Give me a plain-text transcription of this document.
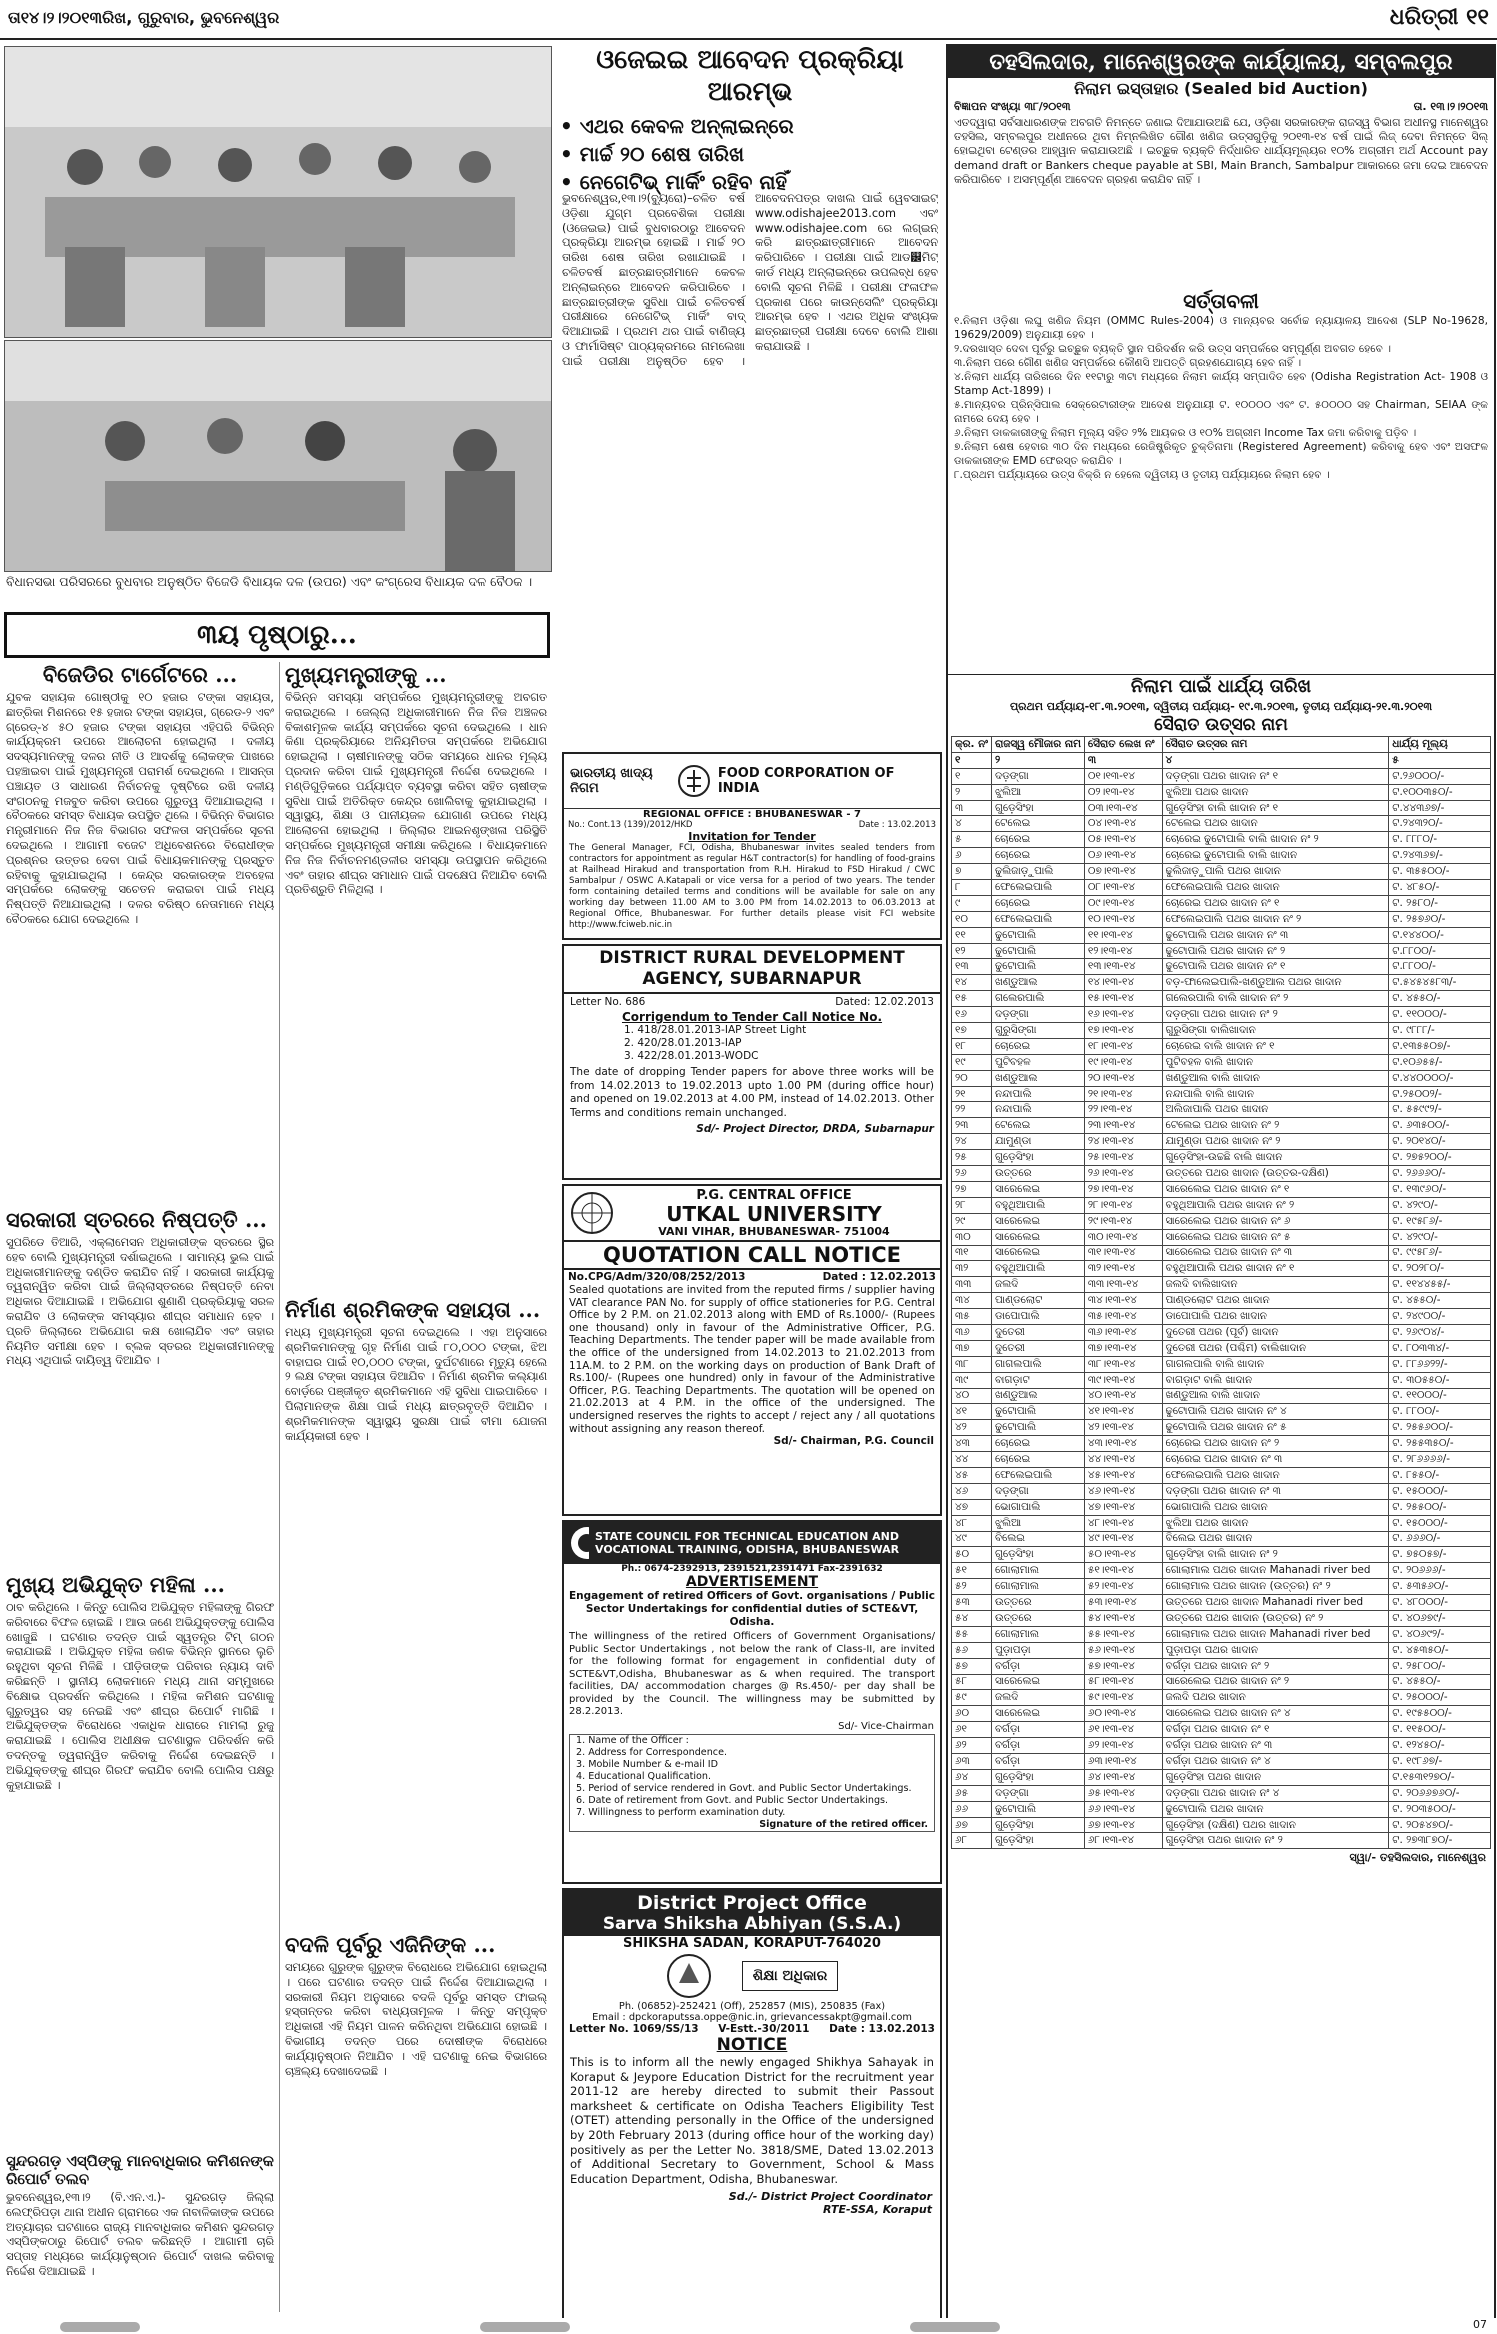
ତା୧୪।୨।୨୦୧୩ରିଖ, ଗୁରୁବାର, ଭୁବନେଶ୍ୱର	ଧରିତ୍ରୀ ୧୧
ବିଧାନସଭା ପରିସରରେ ବୁଧବାର ଅନୁଷ୍ଠିତ ବିଜେଡି ବିଧାୟକ ଦଳ (ଉପର) ଏବଂ କଂଗ୍ରେସ ବିଧାୟକ ଦଳ ବୈଠକ ।
୩ୟ ପୃଷ୍ଠାରୁ...
ବିଜେଡିର ଟାର୍ଗେଟରେ ...
ଯୁବକ ସହାୟକ ଗୋଷ୍ଠୀକୁ ୧୦ ହଜାର ଟଙ୍କା ସହାୟତା, ଛାତ୍ରିକା ମିଶନରେ ୧୫ ହଜାର ଟଙ୍କା ସହାୟତା, ଗ୍ରେଡ-୨ ଏବଂ ଗ୍ରେଡ୍-୪ ୫୦ ହଜାର ଟଙ୍କା ସହାୟତା ଏହିପରି ବିଭିନ୍ନ କାର୍ଯ୍ୟକ୍ରମ ଉପରେ ଆଲୋଚନା ହୋଇଥିଲା । ଦଳୀୟ ସଦସ୍ୟମାନଙ୍କୁ ଦଳର ନୀତି ଓ ଆଦର୍ଶକୁ ଲୋକଙ୍କ ପାଖରେ ପହଞ୍ଚାଇବା ପାଇଁ ମୁଖ୍ୟମନ୍ତ୍ରୀ ପରାମର୍ଶ ଦେଇଥିଲେ । ଆସନ୍ତା ପଞ୍ଚାୟତ ଓ ସାଧାରଣ ନିର୍ବାଚନକୁ ଦୃଷ୍ଟିରେ ରଖି ଦଳୀୟ ସଂଗଠନକୁ ମଜବୁତ କରିବା ଉପରେ ଗୁରୁତ୍ୱ ଦିଆଯାଇଥିଲା । ବୈଠକରେ ସମସ୍ତ ବିଧାୟକ ଉପସ୍ଥିତ ଥିଲେ । ବିଭିନ୍ନ ବିଭାଗର ମନ୍ତ୍ରୀମାନେ ନିଜ ନିଜ ବିଭାଗର ସଫଳତା ସମ୍ପର୍କରେ ସୂଚନା ଦେଇଥିଲେ । ଆଗାମୀ ବଜେଟ ଅଧିବେଶନରେ ବିରୋଧୀଙ୍କ ପ୍ରଶ୍ନର ଉତ୍ତର ଦେବା ପାଇଁ ବିଧାୟକମାନଙ୍କୁ ପ୍ରସ୍ତୁତ ରହିବାକୁ କୁହାଯାଇଥିଲା । କେନ୍ଦ୍ର ସରକାରଙ୍କ ଅବହେଳା ସମ୍ପର୍କରେ ଲୋକଙ୍କୁ ସଚେତନ କରାଇବା ପାଇଁ ମଧ୍ୟ ନିଷ୍ପତ୍ତି ନିଆଯାଇଥିଲା । ଦଳର ବରିଷ୍ଠ ନେତାମାନେ ମଧ୍ୟ ବୈଠକରେ ଯୋଗ ଦେଇଥିଲେ ।
ସରକାରୀ ସ୍ତରରେ ନିଷ୍ପତ୍ତି ...
ସୁପରିଡେ ତିଆରି, ଏକ୍‌ଲାମେସନ ଅଧିକାରୀଙ୍କ ସ୍ତରରେ ସ୍ଥିର ହେବ ବୋଲି ମୁଖ୍ୟମନ୍ତ୍ରୀ ଦର୍ଶାଇଥିଲେ । ସାମାନ୍ୟ ଭୁଲ ପାଇଁ ଅଧିକାରୀମାନଙ୍କୁ ଦଣ୍ଡିତ କରାଯିବ ନାହିଁ । ସରକାରୀ କାର୍ଯ୍ୟକୁ ତ୍ୱରାନ୍ୱିତ କରିବା ପାଇଁ ଜିଲ୍ଲାସ୍ତରରେ ନିଷ୍ପତ୍ତି ନେବା ଅଧିକାର ଦିଆଯାଇଛି । ଅଭିଯୋଗ ଶୁଣାଣି ପ୍ରକ୍ରିୟାକୁ ସରଳ କରାଯିବ ଓ ଲୋକଙ୍କ ସମସ୍ୟାର ଶୀଘ୍ର ସମାଧାନ ହେବ । ପ୍ରତି ଜିଲ୍ଲାରେ ଅଭିଯୋଗ କକ୍ଷ ଖୋଲାଯିବ ଏବଂ ତାହାର ନିୟମିତ ସମୀକ୍ଷା ହେବ । ବ୍ଲକ ସ୍ତରର ଅଧିକାରୀମାନଙ୍କୁ ମଧ୍ୟ ଏଥିପାଇଁ ଦାୟିତ୍ୱ ଦିଆଯିବ ।
ମୁଖ୍ୟ ଅଭିଯୁକ୍ତ ମହିଳା ...
ଠାବ କରିଥିଲେ । କିନ୍ତୁ ପୋଲିସ ଅଭିଯୁକ୍ତ ମହିଳାଙ୍କୁ ଗିରଫ କରିବାରେ ବିଫଳ ହୋଇଛି । ଆଉ ଜଣେ ଅଭିଯୁକ୍ତଙ୍କୁ ପୋଲିସ ଖୋଜୁଛି । ଘଟଣାର ତଦନ୍ତ ପାଇଁ ସ୍ୱତନ୍ତ୍ର ଟିମ୍ ଗଠନ କରାଯାଇଛି । ଅଭିଯୁକ୍ତ ମହିଳା ଜଣକ ବିଭିନ୍ନ ସ୍ଥାନରେ ଲୁଚି ରହୁଥିବା ସୂଚନା ମିଳିଛି । ପୀଡ଼ିତାଙ୍କ ପରିବାର ନ୍ୟାୟ ଦାବି କରିଛନ୍ତି । ସ୍ଥାନୀୟ ଲୋକମାନେ ମଧ୍ୟ ଥାନା ସମ୍ମୁଖରେ ବିକ୍ଷୋଭ ପ୍ରଦର୍ଶନ କରିଥିଲେ । ମହିଳା କମିଶନ ଘଟଣାକୁ ଗୁରୁତ୍ୱର ସହ ନେଇଛି ଏବଂ ଶୀଘ୍ର ରିପୋର୍ଟ ମାଗିଛି । ଅଭିଯୁକ୍ତଙ୍କ ବିରୋଧରେ ଏକାଧିକ ଧାରାରେ ମାମଲା ରୁଜୁ କରାଯାଇଛି । ପୋଲିସ ଅଧୀକ୍ଷକ ଘଟଣାସ୍ଥଳ ପରିଦର୍ଶନ କରି ତଦନ୍ତକୁ ତ୍ୱରାନ୍ୱିତ କରିବାକୁ ନିର୍ଦ୍ଦେଶ ଦେଇଛନ୍ତି । ଅଭିଯୁକ୍ତଙ୍କୁ ଶୀଘ୍ର ଗିରଫ କରାଯିବ ବୋଲି ପୋଲିସ ପକ୍ଷରୁ କୁହାଯାଇଛି ।
ସୁନ୍ଦରଗଡ଼ ଏସ୍‌ପିଙ୍କୁ ମାନବାଧିକାର କମିଶନଙ୍କ ରିପୋର୍ଟ ତଲବ
ଭୁବନେଶ୍ୱର,୧୩।୨ (ବି.ଏନ.ଏ.)- ସୁନ୍ଦରଗଡ଼ ଜିଲ୍ଲା ଲେଫ୍ରିପଡ଼ା ଥାନା ଅଧୀନ ଗ୍ରାମରେ ଏକ ନାବାଳିକାଙ୍କ ଉପରେ ଅତ୍ୟାଚାର ଘଟଣାରେ ରାଜ୍ୟ ମାନବାଧିକାର କମିଶନ ସୁନ୍ଦରଗଡ଼ ଏସ୍‌ପିଙ୍କଠାରୁ ରିପୋର୍ଟ ତଲବ କରିଛନ୍ତି । ଆଗାମୀ ଚାରି ସପ୍ତାହ ମଧ୍ୟରେ କାର୍ଯ୍ୟାନୁଷ୍ଠାନ ରିପୋର୍ଟ ଦାଖଲ କରିବାକୁ ନିର୍ଦ୍ଦେଶ ଦିଆଯାଇଛି ।
ମୁଖ୍ୟମନ୍ତ୍ରୀଙ୍କୁ ...
ବିଭିନ୍ନ ସମସ୍ୟା ସମ୍ପର୍କରେ ମୁଖ୍ୟମନ୍ତ୍ରୀଙ୍କୁ ଅବଗତ କରାଇଥିଲେ । ଜେଲ୍ଲା ଅଧିକାରୀମାନେ ନିଜ ନିଜ ଅଞ୍ଚଳର ବିକାଶମୂଳକ କାର୍ଯ୍ୟ ସମ୍ପର୍କରେ ସୂଚନା ଦେଇଥିଲେ । ଧାନ କିଣା ପ୍ରକ୍ରିୟାରେ ଅନିୟମିତତା ସମ୍ପର୍କରେ ଅଭିଯୋଗ ହୋଇଥିଲା । ଚାଷୀମାନଙ୍କୁ ସଠିକ ସମୟରେ ଧାନର ମୂଲ୍ୟ ପ୍ରଦାନ କରିବା ପାଇଁ ମୁଖ୍ୟମନ୍ତ୍ରୀ ନିର୍ଦ୍ଦେଶ ଦେଇଥିଲେ । ମଣ୍ଡିଗୁଡ଼ିକରେ ପର୍ଯ୍ୟାପ୍ତ ବ୍ୟବସ୍ଥା କରିବା ସହିତ ଚାଷୀଙ୍କ ସୁବିଧା ପାଇଁ ଅତିରିକ୍ତ କେନ୍ଦ୍ର ଖୋଲିବାକୁ କୁହାଯାଇଥିଲା । ସ୍ୱାସ୍ଥ୍ୟ, ଶିକ୍ଷା ଓ ପାନୀୟଜଳ ଯୋଗାଣ ଉପରେ ମଧ୍ୟ ଆଲୋଚନା ହୋଇଥିଲା । ଜିଲ୍ଲାର ଆଇନଶୃଙ୍ଖଳା ପରିସ୍ଥିତି ସମ୍ପର୍କରେ ମୁଖ୍ୟମନ୍ତ୍ରୀ ସମୀକ୍ଷା କରିଥିଲେ । ବିଧାୟକମାନେ ନିଜ ନିଜ ନିର୍ବାଚନମଣ୍ଡଳୀର ସମସ୍ୟା ଉପସ୍ଥାପନ କରିଥିଲେ ଏବଂ ତାହାର ଶୀଘ୍ର ସମାଧାନ ପାଇଁ ପଦକ୍ଷେପ ନିଆଯିବ ବୋଲି ପ୍ରତିଶ୍ରୁତି ମିଳିଥିଲା ।
ନିର୍ମାଣ ଶ୍ରମିକଙ୍କ ସହାୟତା ...
ମଧ୍ୟ ମୁଖ୍ୟମନ୍ତ୍ରୀ ସୂଚନା ଦେଇଥିଲେ । ଏହା ଅନୁସାରେ ଶ୍ରମିକମାନଙ୍କୁ ଗୃହ ନିର୍ମାଣ ପାଇଁ ୮୦,୦୦୦ ଟଙ୍କା, ଝିଅ ବାହାଘର ପାଇଁ ୧୦,୦୦୦ ଟଙ୍କା, ଦୁର୍ଘଟଣାରେ ମୃତ୍ୟୁ ହେଲେ ୨ ଲକ୍ଷ ଟଙ୍କା ସହାୟତା ଦିଆଯିବ । ନିର୍ମାଣ ଶ୍ରମିକ କଲ୍ୟାଣ ବୋର୍ଡ଼ରେ ପଞ୍ଜୀକୃତ ଶ୍ରମିକମାନେ ଏହି ସୁବିଧା ପାଇପାରିବେ । ପିଲାମାନଙ୍କ ଶିକ୍ଷା ପାଇଁ ମଧ୍ୟ ଛାତ୍ରବୃତ୍ତି ଦିଆଯିବ । ଶ୍ରମିକମାନଙ୍କ ସ୍ୱାସ୍ଥ୍ୟ ସୁରକ୍ଷା ପାଇଁ ବୀମା ଯୋଜନା କାର୍ଯ୍ୟକାରୀ ହେବ ।
ବଦଳି ପୂର୍ବରୁ ଏଜିନିଙ୍କ ...
ସମୟରେ ଗୁରୁଙ୍କ ଗୁରୁଙ୍କ ବିରୋଧରେ ଅଭିଯୋଗ ହୋଇଥିଲା । ପରେ ଘଟଣାର ତଦନ୍ତ ପାଇଁ ନିର୍ଦ୍ଦେଶ ଦିଆଯାଇଥିଲା । ସରକାରୀ ନିୟମ ଅନୁସାରେ ବଦଳି ପୂର୍ବରୁ ସମସ୍ତ ଫାଇଲ୍ ହସ୍ତାନ୍ତର କରିବା ବାଧ୍ୟତାମୂଳକ । କିନ୍ତୁ ସମ୍ପୃକ୍ତ ଅଧିକାରୀ ଏହି ନିୟମ ପାଳନ କରିନଥିବା ଅଭିଯୋଗ ହୋଇଛି । ବିଭାଗୀୟ ତଦନ୍ତ ପରେ ଦୋଷୀଙ୍କ ବିରୋଧରେ କାର୍ଯ୍ୟାନୁଷ୍ଠାନ ନିଆଯିବ । ଏହି ଘଟଣାକୁ ନେଇ ବିଭାଗରେ ଚାଞ୍ଚଲ୍ୟ ଦେଖାଦେଇଛି ।
ଓଜେଇଇ ଆବେଦନ ପ୍ରକ୍ରିୟା ଆରମ୍ଭ
• ଏଥର କେବଳ ଅନ୍‌ଲାଇନ୍‌ରେ
• ମାର୍ଚ୍ଚ ୨୦ ଶେଷ ତାରିଖ
• ନେଗେଟିଭ୍ ମାର୍କିଂ ରହିବ ନାହିଁ
ଭୁବନେଶ୍ୱର,୧୩।୨(ବ୍ୟୁରୋ)–ଚଳିତ ବର୍ଷ ଓଡ଼ିଶା ଯୁଗ୍ମ ପ୍ରବେଶିକା ପରୀକ୍ଷା (ଓଜେଇଇ) ପାଇଁ ବୁଧବାରଠାରୁ ଆବେଦନ ପ୍ରକ୍ରିୟା ଆରମ୍ଭ ହୋଇଛି । ମାର୍ଚ୍ଚ ୨୦ ତାରିଖ ଶେଷ ତାରିଖ ରଖାଯାଇଛି । ଚଳିତବର୍ଷ ଛାତ୍ରଛାତ୍ରୀମାନେ କେବଳ ଅନ୍‌ଲାଇନ୍‌ରେ ଆବେଦନ କରିପାରିବେ । ଛାତ୍ରଛାତ୍ରୀଙ୍କ ସୁବିଧା ପାଇଁ ଚଳିତବର୍ଷ ପରୀକ୍ଷାରେ ନେଗେଟିଭ୍ ମାର୍କିଂ ବାଦ୍ ଦିଆଯାଇଛି । ପ୍ରଥମ ଥର ପାଇଁ ବାଣିଜ୍ୟ ଓ ଫାର୍ମାସିଷ୍ଟ ପାଠ୍ୟକ୍ରମରେ ନାମଲେଖା ପାଇଁ ପରୀକ୍ଷା ଅନୁଷ୍ଠିତ ହେବ । ଆବେଦନପତ୍ର ଦାଖଲ ପାଇଁ ୱେବସାଇଟ୍ www.odishajee2013.com ଏବଂ www.odishajee.com ରେ ଲଗ୍ଇନ୍ କରି ଛାତ୍ରଛାତ୍ରୀମାନେ ଆବେଦନ କରିପାରିବେ । ପରୀକ୍ଷା ପାଇଁ ଆଡ୼ମିଟ୍ କାର୍ଡ ମଧ୍ୟ ଅନ୍‌ଲାଇନ୍‌ରେ ଉପଲବ୍ଧ ହେବ ବୋଲି ସୂଚନା ମିଳିଛି । ପରୀକ୍ଷା ଫଳାଫଳ ପ୍ରକାଶ ପରେ କାଉନ୍‌ସେଲିଂ ପ୍ରକ୍ରିୟା ଆରମ୍ଭ ହେବ । ଏଥର ଅଧିକ ସଂଖ୍ୟକ ଛାତ୍ରଛାତ୍ରୀ ପରୀକ୍ଷା ଦେବେ ବୋଲି ଆଶା କରାଯାଉଛି ।
ଭାରତୀୟ ଖାଦ୍ୟ ନିଗମ
FOOD CORPORATION OF INDIA
REGIONAL OFFICE : BHUBANESWAR - 7
No.: Cont.13 (139)/2012/HKD	Date : 13.02.2013
Invitation for Tender
The General Manager, FCI, Odisha, Bhubaneswar invites sealed tenders from contractors for appointment as regular H&T contractor(s) for handling of food-grains at Railhead Hirakud and transportation from R.H. Hirakud to FSD Hirakud / CWC Sambalpur / OSWC A.Katapali or vice versa for a period of two years. The tender form containing detailed terms and conditions will be available for sale on any working day between 11.00 AM to 3.00 PM from 14.02.2013 to 06.03.2013 at Regional Office, Bhubaneswar. For further details please visit FCI website http://www.fciweb.nic.in
DISTRICT RURAL DEVELOPMENT AGENCY, SUBARNAPUR
Letter No. 686	Dated: 12.02.2013
Corrigendum to Tender Call Notice No.
1. 418/28.01.2013-IAP Street Light
2. 420/28.01.2013-IAP
3. 422/28.01.2013-WODC
The date of dropping Tender papers for above three works will be from 14.02.2013 to 19.02.2013 upto 1.00 PM (during office hour) and opened on 19.02.2013 at 4.00 PM, instead of 14.02.2013. Other Terms and conditions remain unchanged.
Sd/- Project Director, DRDA, Subarnapur
P.G. CENTRAL OFFICE
UTKAL UNIVERSITY
VANI VIHAR, BHUBANESWAR- 751004
QUOTATION CALL NOTICE
No.CPG/Adm/320/08/252/2013	Dated : 12.02.2013
Sealed quotations are invited from the reputed firms / supplier having VAT clearance PAN No. for supply of office stationeries for P.G. Central Office by 2 P.M. on 21.02.2013 along with EMD of Rs.1000/- (Rupees one thousand) only in favour of the Administrative Officer, P.G. Teaching Departments. The tender paper will be made available from the office of the undersigned from 14.02.2013 to 21.02.2013 from 11A.M. to 2 P.M. on the working days on production of Bank Draft of Rs.100/- (Rupees one hundred) only in favour of the Administrative Officer, P.G. Teaching Departments. The quotation will be opened on 21.02.2013 at 4 P.M. in the office of the undersigned. The undersigned reserves the rights to accept / reject any / all quotations without assigning any reason thereof.
Sd/- Chairman, P.G. Council
STATE COUNCIL FOR TECHNICAL EDUCATION AND VOCATIONAL TRAINING, ODISHA, BHUBANESWAR
Ph.: 0674-2392913, 2391521,2391471 Fax-2391632
ADVERTISEMENT
Engagement of retired Officers of Govt. organisations / Public Sector Undertakings for confidential duties of SCTE&VT, Odisha.
The willingness of the retired Officers of Government Organisations/ Public Sector Undertakings , not below the rank of Class-II, are invited for the following format for engagement in confidential duty of SCTE&VT,Odisha, Bhubaneswar as & when required. The transport facilities, DA/ accommodation charges @ Rs.450/- per day shall be provided by the Council. The willingness may be submitted by 28.2.2013.
Sd/- Vice-Chairman
1. Name of the Officer :
2. Address for Correspondence.
3. Mobile Number & e-mail ID
4. Educational Qualification.
5. Period of service rendered in Govt. and Public Sector Undertakings.
6. Date of retirement from Govt. and Public Sector Undertakings.
7. Willingness to perform examination duty.
Signature of the retired officer.
District Project Office
Sarva Shiksha Abhiyan (S.S.A.)
SHIKSHA SADAN, KORAPUT-764020
ଶିକ୍ଷା ଅଧିକାର
Ph. (06852)-252421 (Off), 252857 (MIS), 250835 (Fax)
Email : dpckoraputssa.oppe@nic.in, grievancessakpt@gmail.com
Letter No. 1069/SS/13 V-Estt.-30/2011 Date : 13.02.2013
NOTICE
This is to inform all the newly engaged Shikhya Sahayak in Koraput & Jeypore Education District for the recruitment year 2011-12 are hereby directed to submit their Passout marksheet & certificate on Odisha Teachers Eligibility Test (OTET) attending personally in the Office of the undersigned by 20th February 2013 (during office hour of the working day) positively as per the Letter No. 3818/SME, Dated 13.02.2013 of Additional Secretary to Government, School & Mass Education Department, Odisha, Bhubaneswar.
Sd./- District Project Coordinator
RTE-SSA, Koraput
ତହସିଲଦାର, ମାନେଶ୍ୱରଙ୍କ କାର୍ଯ୍ୟାଳୟ, ସମ୍ବଲପୁର
ନିଲାମ ଇସ୍ତାହାର (Sealed bid Auction)
ବିଜ୍ଞାପନ ସଂଖ୍ୟା ୩୮/୨୦୧୩	ତା. ୧୩।୨।୨୦୧୩
ଏତଦ୍ୱାରା ସର୍ବସାଧାରଣଙ୍କ ଅବଗତି ନିମନ୍ତେ ଜଣାଇ ଦିଆଯାଉଅଛି ଯେ, ଓଡ଼ିଶା ସରକାରଙ୍କ ରାଜସ୍ୱ ବିଭାଗ ଅଧୀନସ୍ଥ ମାନେଶ୍ୱର ତହସିଲ, ସମ୍ବଲପୁର ଅଧୀନରେ ଥିବା ନିମ୍ନଲିଖିତ ଗୌଣ ଖଣିଜ ଉତ୍ସଗୁଡ଼ିକୁ ୨୦୧୩-୧୪ ବର୍ଷ ପାଇଁ ଲିଜ୍ ଦେବା ନିମନ୍ତେ ସିଲ୍ ହୋଇଥିବା ଟେଣ୍ଡର ଆହ୍ୱାନ କରାଯାଉଅଛି । ଇଚ୍ଛୁକ ବ୍ୟକ୍ତି ନିର୍ଦ୍ଧାରିତ ଧାର୍ଯ୍ୟମୂଲ୍ୟର ୧୦% ଅଗ୍ରୀମ ଅର୍ଥ Account pay demand draft or Bankers cheque payable at SBI, Main Branch, Sambalpur ଆକାରରେ ଜମା ଦେଇ ଆବେଦନ କରିପାରିବେ । ଅସମ୍ପୂର୍ଣ୍ଣ ଆବେଦନ ଗ୍ରହଣ କରାଯିବ ନାହିଁ ।
ସର୍ତ୍ତାବଳୀ
୧.ନିଲାମ ଓଡ଼ିଶା ଲଘୁ ଖଣିଜ ନିୟମ (OMMC Rules-2004) ଓ ମାନ୍ୟବର ସର୍ବୋଚ୍ଚ ନ୍ୟାୟାଳୟ ଆଦେଶ (SLP No-19628, 19629/2009) ଅନୁଯାୟୀ ହେବ ।
୨.ଦରଖାସ୍ତ ଦେବା ପୂର୍ବରୁ ଇଚ୍ଛୁକ ବ୍ୟକ୍ତି ସ୍ଥାନ ପରିଦର୍ଶନ କରି ଉତ୍ସ ସମ୍ପର୍କରେ ସମ୍ପୂର୍ଣ୍ଣ ଅବଗତ ହେବେ ।
୩.ନିଲାମ ପରେ ଗୌଣ ଖଣିଜ ସମ୍ପର୍କରେ କୌଣସି ଆପତ୍ତି ଗ୍ରହଣଯୋଗ୍ୟ ହେବ ନାହିଁ ।
୪.ନିଲାମ ଧାର୍ଯ୍ୟ ତାରିଖରେ ଦିନ ୧୧ଟାରୁ ୩ଟା ମଧ୍ୟରେ ନିଲାମ କାର୍ଯ୍ୟ ସମ୍ପାଦିତ ହେବ (Odisha Registration Act- 1908 ଓ Stamp Act-1899) ।
୫.ମାନ୍ୟବର ପ୍ରିନ୍ସିପାଲ ସେକ୍ରେଟାରୀଙ୍କ ଆଦେଶ ଅନୁଯାୟୀ ଟ. ୧୦୦୦୦ ଏବଂ ଟ. ୫୦୦୦୦ ସହ Chairman, SEIAA ଙ୍କ ନାମରେ ଦେୟ ହେବ ।
୬.ନିଲାମ ଡାକକାରୀଙ୍କୁ ନିଲାମ ମୂଲ୍ୟ ସହିତ ୨% ଆୟକର ଓ ୧୦% ଅଗ୍ରୀମ Income Tax ଜମା କରିବାକୁ ପଡ଼ିବ ।
୭.ନିଲାମ ଶେଷ ହେବାର ୩୦ ଦିନ ମଧ୍ୟରେ ରେଜିଷ୍ଟ୍ରିକୃତ ଚୁକ୍ତିନାମା (Registered Agreement) କରିବାକୁ ହେବ ଏବଂ ଅସଫଳ ଡାକକାରୀଙ୍କ EMD ଫେରସ୍ତ କରାଯିବ ।
୮.ପ୍ରଥମ ପର୍ଯ୍ୟାୟରେ ଉତ୍ସ ବିକ୍ରି ନ ହେଲେ ଦ୍ୱିତୀୟ ଓ ତୃତୀୟ ପର୍ଯ୍ୟାୟରେ ନିଲାମ ହେବ ।
ନିଲାମ ପାଇଁ ଧାର୍ଯ୍ୟ ତାରିଖ
ପ୍ରଥମ ପର୍ଯ୍ୟାୟ-୧୮.୩.୨୦୧୩, ଦ୍ୱିତୀୟ ପର୍ଯ୍ୟାୟ- ୧୯.୩.୨୦୧୩, ତୃତୀୟ ପର୍ଯ୍ୟାୟ-୨୧.୩.୨୦୧୩
ସୈରାତ ଉତ୍ସର ନାମ
କ୍ର. ନଂ	ରାଜସ୍ୱ ମୌଜାର ନାମ	ସୈରାତ ଲେଖ ନଂ	ସୈରାତ ଉତ୍ସର ନାମ	ଧାର୍ଯ୍ୟ ମୂଲ୍ୟ
୧	୨	୩	୪	୫
୧	ଦଡ଼ଙ୍ଗା	୦୧।୧୩-୧୪	ଦଡ଼ଙ୍ଗା ପଥର ଖାଦାନ ନଂ ୧	ଟ.୨୬୦୦୦/-
୨	ଝୁଲିଆ	୦୨।୧୩-୧୪	ଝୁଲିଆ ପଥର ଖାଦାନ	ଟ.୧୦୦୩୫୦/-
୩	ଗୁଡ଼େସିଂହା	୦୩।୧୩-୧୪	ଗୁଡ଼େସିଂହା ବାଲି ଖାଦାନ ନଂ ୧	ଟ.୪୪୩୬୭/-
୪	ଟେଲେଇ	୦୪।୧୩-୧୪	ଟେଲେଇ ପଥର ଖାଦାନ	ଟ.୨୪୩୨୦/-
୫	ଚୋରେଇ	୦୫।୧୩-୧୪	ଚୋରେଇ ଢୁଟୋପାଲି ବାଲି ଖାଦାନ ନଂ ୨	ଟ. ୮୮୮୦/-
୬	ଚୋରେଇ	୦୬।୧୩-୧୪	ଚୋରେଇ ଢୁଟୋପାଲି ବାଲି ଖାଦାନ	ଟ.୨୪୩୬୭/-
୭	ଢୁଲିଜାଡ଼ୁପାଲି	୦୭।୧୩-୧୪	ଢୁଲିଜାଡ଼ୁପାଲି ପଥର ଖାଦାନ	ଟ. ୩୫୫୦୦/-
୮	ଫେଲେଇପାଲି	୦୮।୧୩-୧୪	ଫେଲେଇପାଲି ପଥର ଖାଦାନ	ଟ. ୪୮୫୦/-
୯	ଚୋରେଇ	୦୯।୧୩-୧୪	ଚୋରେଇ ପଥର ଖାଦାନ ନଂ ୧	ଟ. ୨୫୮୦/-
୧୦	ଫେଲେଇପାଲି	୧୦।୧୩-୧୪	ଫେଲେଇପାଲି ପଥର ଖାଦାନ ନଂ ୨	ଟ. ୨୫୭୬୦/-
୧୧	ଢୁଟୋପାଲି	୧୧।୧୩-୧୪	ଢୁଟୋପାଲି ପଥର ଖାଦାନ ନଂ ୩	ଟ.୧୪୪୦୦/-
୧୨	ଢୁଟୋପାଲି	୧୨।୧୩-୧୪	ଢୁଟୋପାଲି ପଥର ଖାଦାନ ନଂ ୨	ଟ.୮୮୦୦/-
୧୩	ଢୁଟୋପାଲି	୧୩।୧୩-୧୪	ଢୁଟୋପାଲି ପଥର ଖାଦାନ ନଂ ୧	ଟ.୮୮୦୦/-
୧୪	ଖଣ୍ଡୁଆଲ	୧୪।୧୩-୧୪	ବଡ଼-ଫାଲେଇପାଲି-ଖଣ୍ଡୁଆଲ ପଥର ଖାଦାନ	ଟ.୫୪୫୪୫୮୩/-
୧୫	ଗଲେରପାଲି	୧୫।୧୩-୧୪	ଗଲେରପାଲି ବାଲି ଖାଦାନ ନଂ ୨	ଟ. ୪୫୫୦/-
୧୬	ଦଡ଼ଙ୍ଗା	୧୬।୧୩-୧୪	ଦଡ଼ଙ୍ଗା ପଥର ଖାଦାନ ନଂ ୨	ଟ. ୧୧୦୦୦/-
୧୭	ଗୁରୁସିଙ୍ଗା	୧୭।୧୩-୧୪	ଗୁରୁସିଙ୍ଗା ବାଲିଖାଦାନ	ଟ. ୯୮୮୮/-
୧୮	ଚୋରେଇ	୧୮।୧୩-୧୪	ଚୋରେଇ ବାଲି ଖାଦାନ ନଂ ୧	ଟ.୧୩୫୫୦୭/-
୧୯	ପୁଟିବହଳ	୧୯।୧୩-୧୪	ପୁଟିବହଳ ବାଲି ଖାଦାନ	ଟ.୧୦୬୫୫/-
୨୦	ଖଣ୍ଡୁଆଲ	୨୦।୧୩-୧୪	ଖଣ୍ଡୁଆଲ ବାଲି ଖାଦାନ	ଟ.୪୪୦୦୦୦/-
୨୧	ନନ୍ଦାପାଲି	୨୧।୧୩-୧୪	ନନ୍ଦାପାଲି ବାଲି ଖାଦାନ	ଟ.୨୫୦୦୨/-
୨୨	ନନ୍ଦାପାଲି	୨୨।୧୩-୧୪	ଅଲିଜାପାଲି ପଥର ଖାଦାନ	ଟ. ୫୫୯୯୨/-
୨୩	ଟେଲେଇ	୨୩।୧୩-୧୪	ଟେଲେଇ ପଥର ଖାଦାନ ନଂ ୨	ଟ. ୬୩୫୦୦/-
୨୪	ଯାମୁଣ୍ଡା	୨୪।୧୩-୧୪	ଯାମୁଣ୍ଡା ପଥର ଖାଦାନ ନଂ ୨	ଟ. ୨୦୧୪୦/-
୨୫	ଗୁଡ଼େସିଂହା	୨୫।୧୩-୧୪	ଗୁଡ଼େସିଂହା-ଉଚ୍ଚଛି ବାଲି ଖାଦାନ	ଟ. ୨୭୫୨୦୦/-
୨୬	ଉତ୍ତରେ	୨୬।୧୩-୧୪	ଉତ୍ତରେ ପଥର ଖାଦାନ (ଉତ୍ତର-ଦକ୍ଷିଣ)	ଟ. ୨୬୬୬୦/-
୨୭	ସାରେଲେଇ	୨୭।୧୩-୧୪	ସାରେଲେଇ ପଥର ଖାଦାନ ନଂ ୧	ଟ. ୧୩୯୬୦/-
୨୮	ବହୁଥିଆପାଲି	୨୮।୧୩-୧୪	ବହୁଥିଆପାଲି ପଥର ଖାଦାନ ନଂ ୨	ଟ. ୪୨୯୦/-
୨୯	ସାରେଲେଇ	୨୯।୧୩-୧୪	ସାରେଲେଇ ପଥର ଖାଦାନ ନଂ ୬	ଟ. ୧୯୫୮୬/-
୩୦	ସାରେଲେଇ	୩୦।୧୩-୧୪	ସାରେଲେଇ ପଥର ଖାଦାନ ନଂ ୫	ଟ. ୪୨୯୦/-
୩୧	ସାରେଲେଇ	୩୧।୧୩-୧୪	ସାରେଲେଇ ପଥର ଖାଦାନ ନଂ ୩	ଟ. ୯୯୫୮୬/-
୩୨	ବହୁଥିଆପାଲି	୩୨।୧୩-୧୪	ବହୁଥିଆପାଲି ପଥର ଖାଦାନ ନଂ ୧	ଟ. ୨୦୨୮୦/-
୩୩	ଜଲଦି	୩୩।୧୩-୧୪	ଜଲଦି ବାଲିଖାଦାନ	ଟ. ୧୧୪୪୫୫/-
୩୪	ପାଣ୍ଡଲୋଟ	୩୪।୧୩-୧୪	ପାଣ୍ଡଲୋଟ ପଥର ଖାଦାନ	ଟ. ୪୫୫୦/-
୩୫	ଡାପୋପାଲି	୩୫।୧୩-୧୪	ଡାପୋପାଲି ପଥର ଖାଦାନ	ଟ. ୨୪୯୦୦/-
୩୬	ଦୁତେରୀ	୩୬।୧୩-୧୪	ଦୁତେରୀ ପଥର (ପୂର୍ବ) ଖାଦାନ	ଟ. ୨୬୯୦୪/-
୩୭	ଦୁତେରୀ	୩୭।୧୩-୧୪	ଦୁତେରୀ ପଥର (ପଶ୍ଚିମ) ବାଲିଖାଦାନ	ଟ. ୮୦୩୩୪/-
୩୮	ଗାଗଲପାଲି	୩୮।୧୩-୧୪	ଗାଗଲପାଲି ବାଲି ଖାଦାନ	ଟ. ୮୮୬୬୨୨/-
୩୯	ବାଗଡ଼ାଟ	୩୯।୧୩-୧୪	ବାଗଡ଼ାଟ ବାଲି ଖାଦାନ	ଟ. ୩୦୫୫୦/-
୪୦	ଖଣ୍ଡୁଆଲ	୪୦।୧୩-୧୪	ଖଣ୍ଡୁଆଲ ବାଲି ଖାଦାନ	ଟ. ୧୧୦୦୦/-
୪୧	ଢୁଟୋପାଲି	୪୧।୧୩-୧୪	ଢୁଟୋପାଲି ପଥର ଖାଦାନ ନଂ ୪	ଟ. ୮୮୦୦/-
୪୨	ଢୁଟୋପାଲି	୪୨।୧୩-୧୪	ଢୁଟୋପାଲି ପଥର ଖାଦାନ ନଂ ୫	ଟ. ୨୫୫୬୦୦/-
୪୩	ଚୋରେଇ	୪୩।୧୩-୧୪	ଚୋରେଇ ପଥର ଖାଦାନ ନଂ ୨	ଟ. ୨୫୫୩୫୦/-
୪୪	ଚୋରେଇ	୪୪।୧୩-୧୪	ଚୋରେଇ ପଥର ଖାଦାନ ନଂ ୩	ଟ. ୨୮୬୬୬୬/-
୪୫	ଫେଲେଇପାଲି	୪୫।୧୩-୧୪	ଫେଲେଇପାଲି ପଥର ଖାଦାନ	ଟ. ୮୫୫୦/-
୪୬	ଦଡ଼ଙ୍ଗା	୪୬।୧୩-୧୪	ଦଡ଼ଙ୍ଗା ପଥର ଖାଦାନ ନଂ ୩	ଟ. ୧୫୦୦୦/-
୪୭	ଭୋଗାପାଲି	୪୭।୧୩-୧୪	ଭୋଗାପାଲି ପଥର ଖାଦାନ	ଟ. ୨୫୫୦୦/-
୪୮	ଝୁଲିଆ	୪୮।୧୩-୧୪	ଝୁଲିଆ ପଥର ଖାଦାନ	ଟ. ୧୫୦୦୦/-
୪୯	ବିଲେଇ	୪୯।୧୩-୧୪	ବିଲେଇ ପଥର ଖାଦାନ	ଟ. ୬୬୬୦/-
୫୦	ଗୁଡ଼େସିଂହା	୫୦।୧୩-୧୪	ଗୁଡ଼େସିଂହା ବାଲି ଖାଦାନ ନଂ ୨	ଟ. ୭୫୦୫୭/-
୫୧	ଗୋଲାମାଲ	୫୧।୧୩-୧୪	ଗୋଲାମାଲ ପଥର ଖାଦାନ Mahanadi river bed	ଟ. ୨୦୬୬୬/-
୫୨	ଗୋଲାମାଲ	୫୨।୧୩-୧୪	ଗୋଲାମାଲ ପଥର ଖାଦାନ (ଉତ୍ତର) ନଂ ୨	ଟ. ୫୩୫୬୦/-
୫୩	ଉତ୍ତରେ	୫୩।୧୩-୧୪	ଉତ୍ତରେ ପଥର ଖାଦାନ Mahanadi river bed	ଟ. ୪୮୦୦୦/-
୫୪	ଉତ୍ତରେ	୫୪।୧୩-୧୪	ଉତ୍ତରେ ପଥର ଖାଦାନ (ଉତ୍ତର) ନଂ ୨	ଟ. ୪୦୬୭୯/-
୫୫	ଗୋଲାମାଲ	୫୫।୧୩-୧୪	ଗୋଲାମାଲ ପଥର ଖାଦାନ Mahanadi river bed	ଟ. ୪୦୬୯୨/-
୫୬	ପୁଡ଼ାପଡ଼ା	୫୬।୧୩-୧୪	ପୁଡ଼ାପଡ଼ା ପଥର ଖାଦାନ	ଟ. ୪୫୩୫୦/-
୫୭	ବର୍ଗଡ଼ା	୫୭।୧୩-୧୪	ବର୍ଗଡ଼ା ପଥର ଖାଦାନ ନଂ ୨	ଟ. ୨୫୮୦୦/-
୫୮	ସାରେଲେଇ	୫୮।୧୩-୧୪	ସାରେଲେଇ ପଥର ଖାଦାନ ନଂ ୨	ଟ. ୪୫୫୦/-
୫୯	ଜଲଦି	୫୯।୧୩-୧୪	ଜଲଦି ପଥର ଖାଦାନ	ଟ. ୨୫୦୦୦/-
୬୦	ସାରେଲେଇ	୬୦।୧୩-୧୪	ସାରେଲେଇ ପଥର ଖାଦାନ ନଂ ୪	ଟ. ୧୯୫୫୦୦/-
୬୧	ବର୍ଗଡ଼ା	୬୧।୧୩-୧୪	ବର୍ଗଡ଼ା ପଥର ଖାଦାନ ନଂ ୧	ଟ. ୧୧୫୦୦/-
୬୨	ବର୍ଗଡ଼ା	୬୨।୧୩-୧୪	ବର୍ଗଡ଼ା ପଥର ଖାଦାନ ନଂ ୩	ଟ. ୧୨୪୫୦/-
୬୩	ବର୍ଗଡ଼ା	୬୩।୧୩-୧୪	ବର୍ଗଡ଼ା ପଥର ଖାଦାନ ନଂ ୪	ଟ. ୧୯୮୬୭/-
୬୪	ଗୁଡ଼େସିଂହା	୬୪।୧୩-୧୪	ଗୁଡ଼େସିଂହା ପଥର ଖାଦାନ	ଟ.୧୫୩୧୨୭୦/-
୬୫	ଦଡ଼ଙ୍ଗା	୬୫।୧୩-୧୪	ଦଡ଼ଙ୍ଗା ପଥର ଖାଦାନ ନଂ ୪	ଟ. ୨୦୬୬୭୬୦/-
୬୬	ଢୁଟୋପାଲି	୬୬।୧୩-୧୪	ଢୁଟୋପାଲି ପଥର ଖାଦାନ	ଟ. ୨୦୩୫୦୦/-
୬୭	ଗୁଡ଼େସିଂହା	୬୭।୧୩-୧୪	ଗୁଡ଼େସିଂହା (ଦକ୍ଷିଣ) ପଥର ଖାଦାନ	ଟ. ୨୦୫୪୭୦/-
୬୮	ଗୁଡ଼େସିଂହା	୬୮।୧୩-୧୪	ଗୁଡ଼େସିଂହା ପଥର ଖାଦାନ ନଂ ୨	ଟ. ୨୭୩୮୭୦/-
ସ୍ୱା/- ତହସିଲଦାର, ମାନେଶ୍ୱର
07
